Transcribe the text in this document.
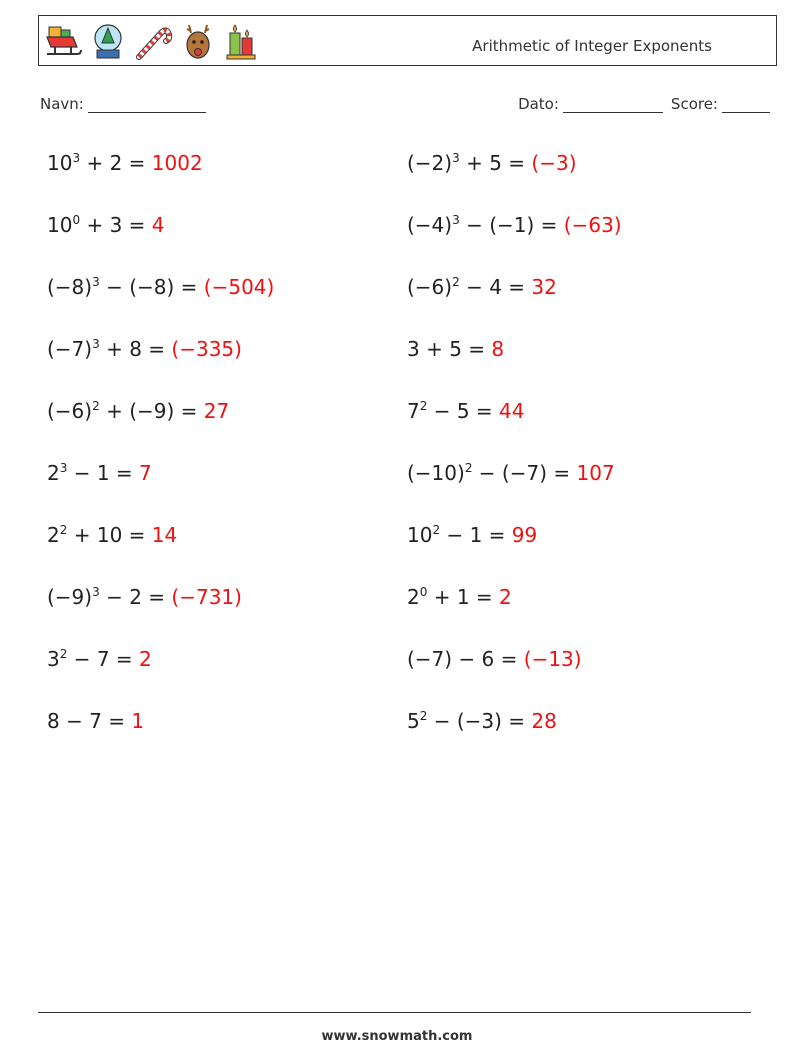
Arithmetic of Integer Exponents
Navn:	Dato:	Score:
$10^3 + 2 = 1002$	$(-2)^3 + 5 = (-3)$
$10^0 + 3 = 4$	$(-4)^3 - (-1) = (-63)$
$(-8)^3 - (-8) = (-504)$	$(-6)^2 - 4 = 32$
$(-7)^3 + 8 = (-335)$	3 + 5 = 8
$(-6)^2 + (-9) = 27$	$7^2 - 5 = 44$
$2^3 - 1 = 7$	$(-10)^2 - (-7) = 107$
$2^2 + 10 = 14$	$10^2 - 1 = 99$
$(-9)^3 - 2 = (-731)$	$2^0 + 1 = 2$
$3^2 - 7 = 2$	(−7) − 6 = (−13)
8 − 7 = 1	$5^2 - (-3) = 28$
www.snowmath.com
